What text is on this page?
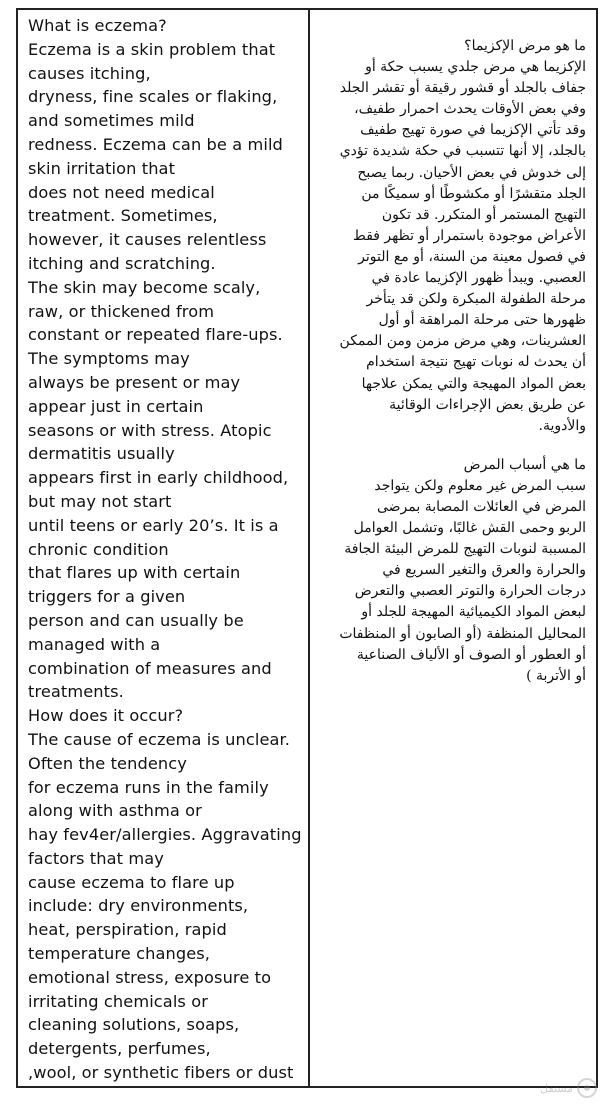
What is eczema?
Eczema is a skin problem that
causes itching,
dryness, fine scales or flaking,
and sometimes mild
redness. Eczema can be a mild
skin irritation that
does not need medical
treatment. Sometimes,
however, it causes relentless
itching and scratching.
The skin may become scaly,
raw, or thickened from
constant or repeated flare-ups.
The symptoms may
always be present or may
appear just in certain
seasons or with stress. Atopic
dermatitis usually
appears first in early childhood,
but may not start
until teens or early 20’s. It is a
chronic condition
that flares up with certain
triggers for a given
person and can usually be
managed with a
combination of measures and
treatments.
How does it occur?
The cause of eczema is unclear.
Often the tendency
for eczema runs in the family
along with asthma or
hay fev4er/allergies. Aggravating
factors that may
cause eczema to flare up
include: dry environments,
heat, perspiration, rapid
temperature changes,
emotional stress, exposure to
irritating chemicals or
cleaning solutions, soaps,
detergents, perfumes,
,wool, or synthetic fibers or dust
ما هو مرض الإكزيما؟
الإكزيما هي مرض جلدي يسبب حكة أو
جفاف بالجلد أو قشور رقيقة أو تقشر الجلد
وفي بعض الأوقات يحدث احمرار طفيف،
وقد تأتي الإكزيما في صورة تهيج طفيف
بالجلد، إلا أنها تتسبب في حكة شديدة تؤدي
إلى خدوش في بعض الأحيان. ربما يصبح
الجلد متقشرًا أو مكشوطًا أو سميكًا من
التهيج المستمر أو المتكرر. قد تكون
الأعراض موجودة باستمرار أو تظهر فقط
في فصول معينة من السنة، أو مع التوتر
العصبي. ويبدأ ظهور الإكزيما عادة في
مرحلة الطفولة المبكرة ولكن قد يتأخر
ظهورها حتى مرحلة المراهقة أو أول
العشرينات، وهي مرض مزمن ومن الممكن
أن يحدث له نوبات تهيج نتيجة استخدام
بعض المواد المهيجة والتي يمكن علاجها
عن طريق بعض الإجراءات الوقائية
والأدوية.
ما هي أسباب المرض
سبب المرض غير معلوم ولكن يتواجد
المرض في العائلات المصابة بمرضى
الربو وحمى القش غالبًا، وتشمل العوامل
المسببة لنوبات التهيج للمرض البيئة الجافة
والحرارة والعرق والتغير السريع في
درجات الحرارة والتوتر العصبي والتعرض
لبعض المواد الكيميائية المهيجة للجلد أو
المحاليل المنظفة (أو الصابون أو المنظفات
أو العطور أو الصوف أو الألياف الصناعية
أو الأتربة )
مستقل
